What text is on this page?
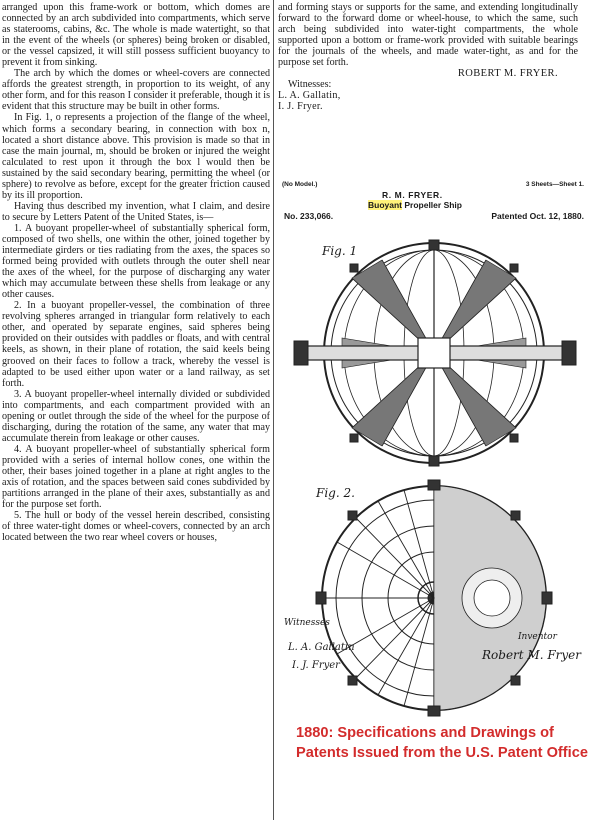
arranged upon this frame-work or bottom, which domes are connected by an arch subdivided into compartments, which serve as staterooms, cabins, &c. The whole is made watertight, so that in the event of the wheels (or spheres) being broken or disabled, or the vessel capsized, it will still possess sufficient buoyancy to prevent it from sinking.

The arch by which the domes or wheel-covers are connected affords the greatest strength, in proportion to its weight, of any other form, and for this reason I consider it preferable, though it is evident that this structure may be built in other forms.

In Fig. 1, o represents a projection of the flange of the wheel, which forms a secondary bearing, in connection with box n, located a short distance above. This provision is made so that in case the main journal, m, should be broken or injured the weight calculated to rest upon it through the box l would then be sustained by the said secondary bearing, permitting the wheel (or sphere) to revolve as before, except for the greater friction caused by its ill proportion.

Having thus described my invention, what I claim, and desire to secure by Letters Patent of the United States, is—

1. A buoyant propeller-wheel of substantially spherical form, composed of two shells, one within the other, joined together by intermediate girders or ties radiating from the axes, the spaces so formed being provided with outlets through the outer shell near the axes of the wheel, for the purpose of discharging any water which may accumulate between these shells from leakage or any other causes.

2. In a buoyant propeller-vessel, the combination of three revolving spheres arranged in triangular form relatively to each other, and operated by separate engines, said spheres being provided on their outsides with paddles or floats, and with central keels, as shown, in their plane of rotation, the said keels being grooved on their faces to follow a track, whereby the vessel is adapted to be used either upon water or a land railway, as set forth.

3. A buoyant propeller-wheel internally divided or subdivided into compartments, and each compartment provided with an opening or outlet through the side of the wheel for the purpose of discharging, during the rotation of the same, any water that may accumulate therein from leakage or other causes.

4. A buoyant propeller-wheel of substantially spherical form provided with a series of internal hollow cones, one within the other, their bases joined together in a plane at right angles to the axis of rotation, and the spaces between said cones subdivided by partitions arranged in the plane of their axes, substantially as and for the purpose set forth.

5. The hull or body of the vessel herein described, consisting of three water-tight domes or wheel-covers, connected by an arch located between the two rear wheel covers or houses,

and forming stays or supports for the same, and extending longitudinally forward to the forward dome or wheel-house, to which the same, such arch being subdivided into water-tight compartments, the whole supported upon a bottom or frame-work provided with suitable bearings for the journals of the wheels, and made water-tight, as and for the purpose set forth.

ROBERT M. FRYER.

Witnesses:

L. A. Gallatin,

I. J. Fryer.

(No Model.)	3 Sheets—Sheet 1.
R. M. FRYER.
Buoyant Propeller Ship
No. 233,066.	Patented Oct. 12, 1880.
Fig. 1
Fig. 2.
Witnesses
Inventor
L. A. Gallatin
I. J. Fryer
Robert M. Fryer
1880: Specifications and Drawings of Patents Issued from the U.S. Patent Office
